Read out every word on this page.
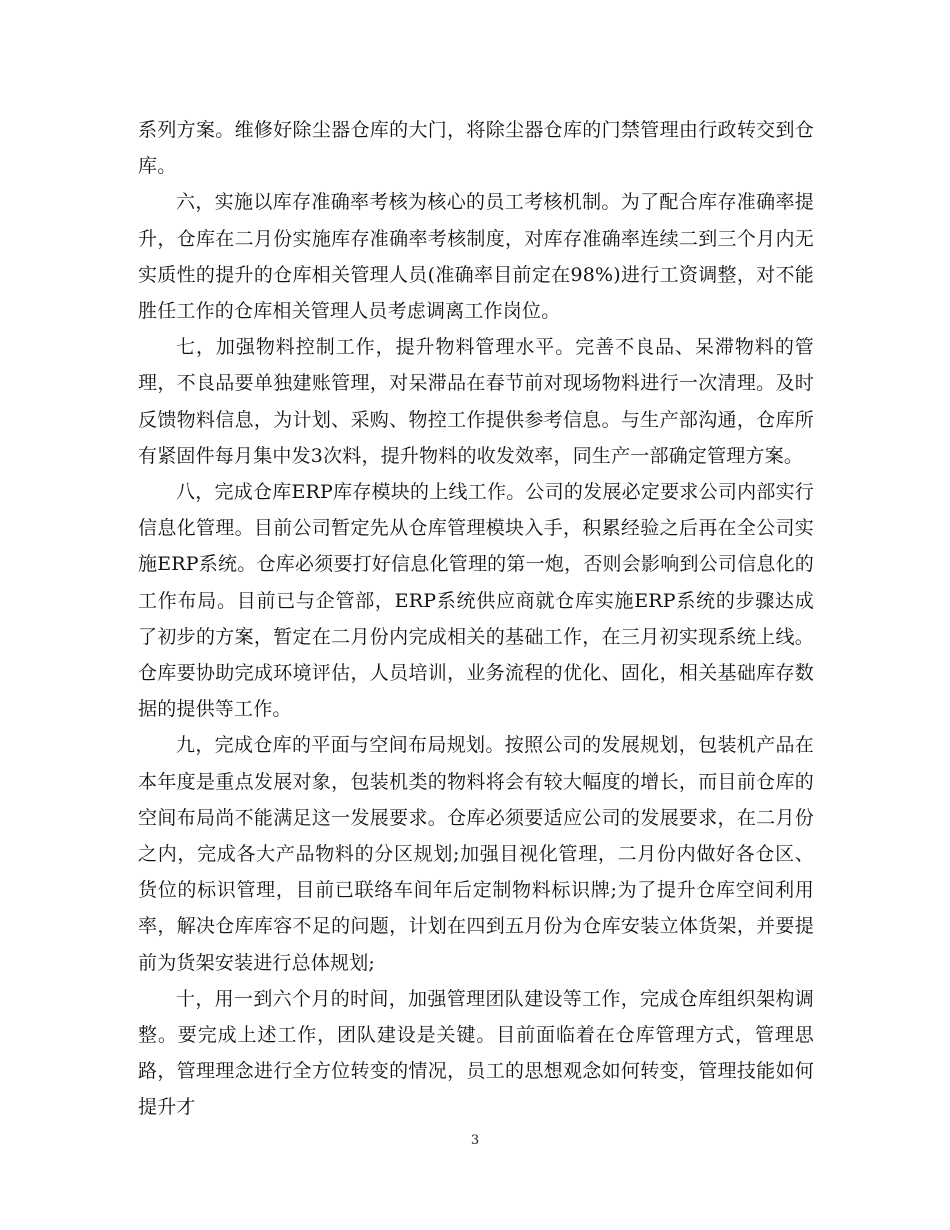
系列方案。维修好除尘器仓库的大门，将除尘器仓库的门禁管理由行政转交到仓库。

六，实施以库存准确率考核为核心的员工考核机制。为了配合库存准确率提升，仓库在二月份实施库存准确率考核制度，对库存准确率连续二到三个月内无实质性的提升的仓库相关管理人员(准确率目前定在98%)进行工资调整，对不能胜任工作的仓库相关管理人员考虑调离工作岗位。

七，加强物料控制工作，提升物料管理水平。完善不良品、呆滞物料的管理，不良品要单独建账管理，对呆滞品在春节前对现场物料进行一次清理。及时反馈物料信息，为计划、采购、物控工作提供参考信息。与生产部沟通，仓库所有紧固件每月集中发3次料，提升物料的收发效率，同生产一部确定管理方案。

八，完成仓库ERP库存模块的上线工作。公司的发展必定要求公司内部实行信息化管理。目前公司暂定先从仓库管理模块入手，积累经验之后再在全公司实施ERP系统。仓库必须要打好信息化管理的第一炮，否则会影响到公司信息化的工作布局。目前已与企管部，ERP系统供应商就仓库实施ERP系统的步骤达成了初步的方案，暂定在二月份内完成相关的基础工作，在三月初实现系统上线。仓库要协助完成环境评估，人员培训，业务流程的优化、固化，相关基础库存数据的提供等工作。

九，完成仓库的平面与空间布局规划。按照公司的发展规划，包装机产品在本年度是重点发展对象，包装机类的物料将会有较大幅度的增长，而目前仓库的空间布局尚不能满足这一发展要求。仓库必须要适应公司的发展要求，在二月份之内，完成各大产品物料的分区规划;加强目视化管理，二月份内做好各仓区、货位的标识管理，目前已联络车间年后定制物料标识牌;为了提升仓库空间利用率，解决仓库库容不足的问题，计划在四到五月份为仓库安装立体货架，并要提前为货架安装进行总体规划;

十，用一到六个月的时间，加强管理团队建设等工作，完成仓库组织架构调整。要完成上述工作，团队建设是关键。目前面临着在仓库管理方式，管理思路，管理理念进行全方位转变的情况，员工的思想观念如何转变，管理技能如何提升才

3
